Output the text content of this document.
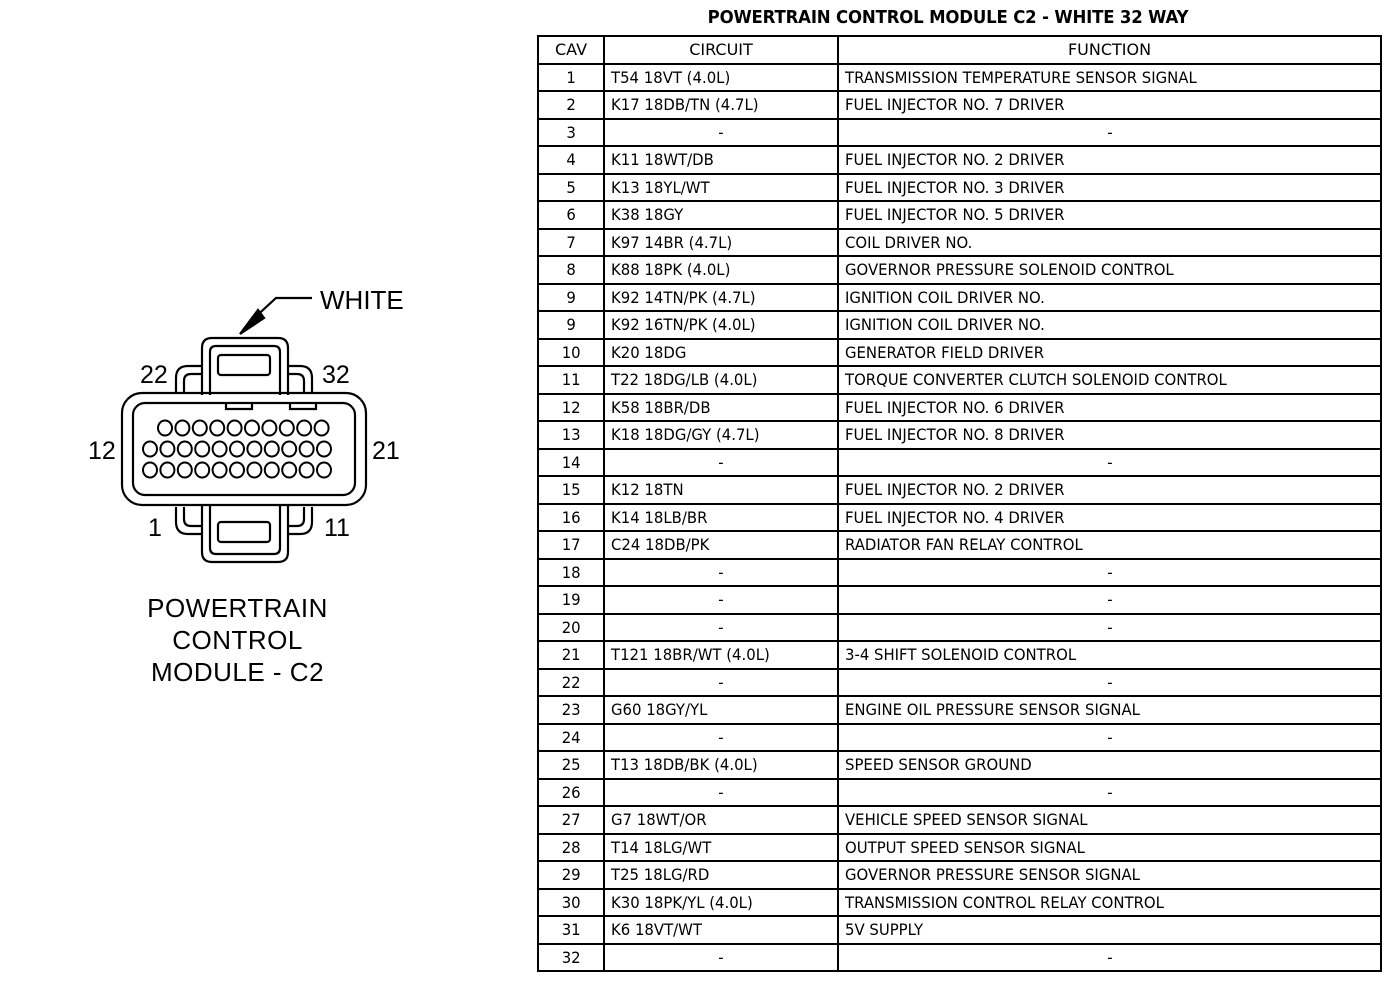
WHITE
22	32
12	21
1	11
POWERTRAIN
CONTROL
MODULE - C2
POWERTRAIN CONTROL MODULE C2 - WHITE 32 WAY
CAV	CIRCUIT	FUNCTION
1	T54 18VT (4.0L)	TRANSMISSION TEMPERATURE SENSOR SIGNAL
2	K17 18DB/TN (4.7L)	FUEL INJECTOR NO. 7 DRIVER
3	-	-
4	K11 18WT/DB	FUEL INJECTOR NO. 2 DRIVER
5	K13 18YL/WT	FUEL INJECTOR NO. 3 DRIVER
6	K38 18GY	FUEL INJECTOR NO. 5 DRIVER
7	K97 14BR (4.7L)	COIL DRIVER NO.
8	K88 18PK (4.0L)	GOVERNOR PRESSURE SOLENOID CONTROL
9	K92 14TN/PK (4.7L)	IGNITION COIL DRIVER NO.
9	K92 16TN/PK (4.0L)	IGNITION COIL DRIVER NO.
10	K20 18DG	GENERATOR FIELD DRIVER
11	T22 18DG/LB (4.0L)	TORQUE CONVERTER CLUTCH SOLENOID CONTROL
12	K58 18BR/DB	FUEL INJECTOR NO. 6 DRIVER
13	K18 18DG/GY (4.7L)	FUEL INJECTOR NO. 8 DRIVER
14	-	-
15	K12 18TN	FUEL INJECTOR NO. 2 DRIVER
16	K14 18LB/BR	FUEL INJECTOR NO. 4 DRIVER
17	C24 18DB/PK	RADIATOR FAN RELAY CONTROL
18	-	-
19	-	-
20	-	-
21	T121 18BR/WT (4.0L)	3-4 SHIFT SOLENOID CONTROL
22	-	-
23	G60 18GY/YL	ENGINE OIL PRESSURE SENSOR SIGNAL
24	-	-
25	T13 18DB/BK (4.0L)	SPEED SENSOR GROUND
26	-	-
27	G7 18WT/OR	VEHICLE SPEED SENSOR SIGNAL
28	T14 18LG/WT	OUTPUT SPEED SENSOR SIGNAL
29	T25 18LG/RD	GOVERNOR PRESSURE SENSOR SIGNAL
30	K30 18PK/YL (4.0L)	TRANSMISSION CONTROL RELAY CONTROL
31	K6 18VT/WT	5V SUPPLY
32	-	-
